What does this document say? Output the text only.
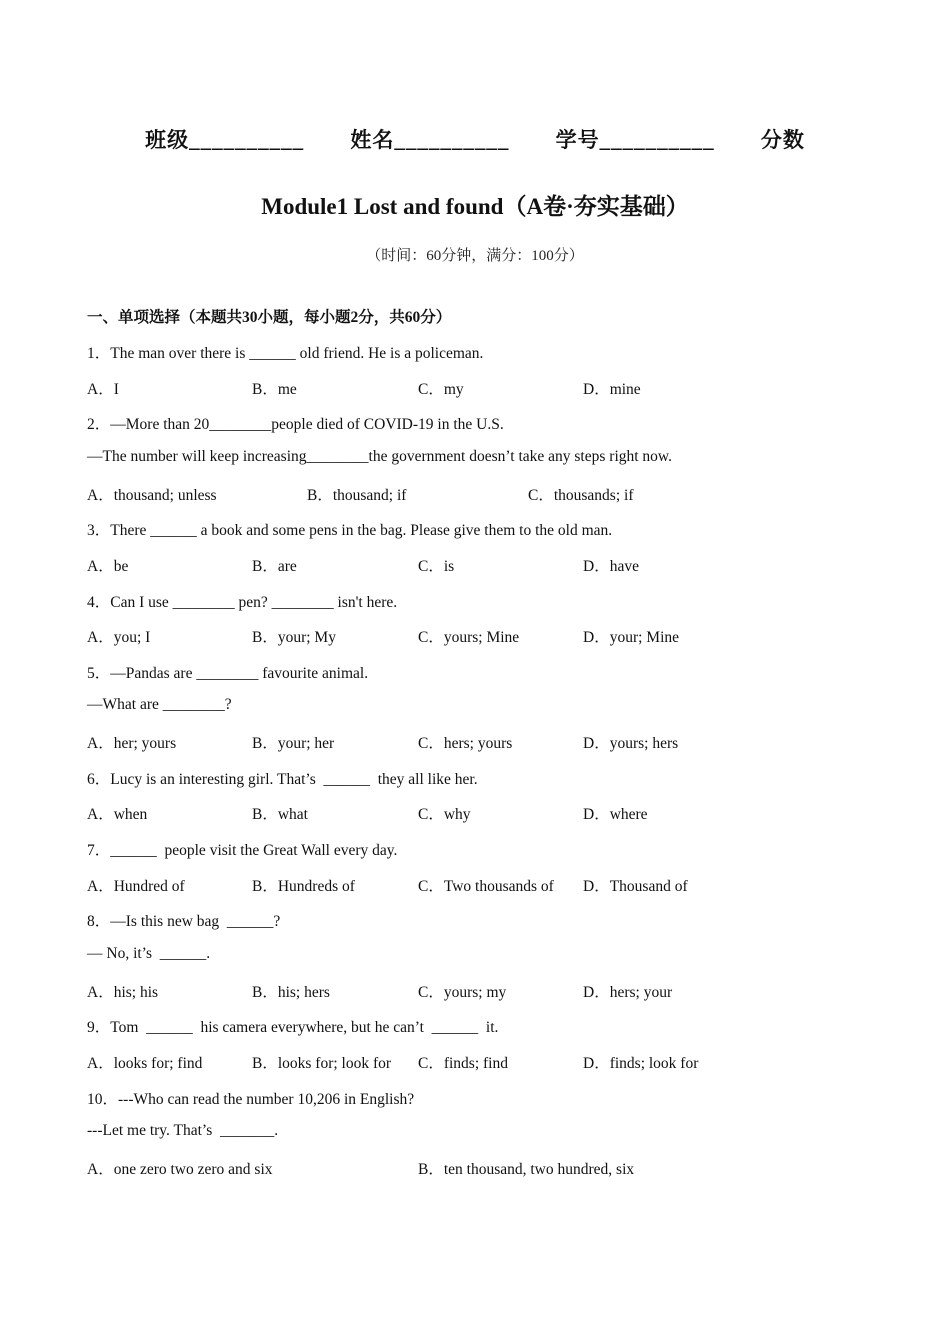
班级__________ 姓名__________ 学号__________ 分数
Module1 Lost and found（A卷·夯实基础）
（时间：60分钟，满分：100分）
一、单项选择（本题共30小题，每小题2分，共60分）
1．The man over there is ______ old friend. He is a policeman.
A．I	B．me	C．my	D．mine
2．—More than 20________people died of COVID-19 in the U.S.
—The number will keep increasing________the government doesn’t take any steps right now.
A．thousand; unless	B．thousand; if	C．thousands; if
3．There ______ a book and some pens in the bag. Please give them to the old man.
A．be	B．are	C．is	D．have
4．Can I use ________ pen? ________ isn't here.
A．you; I	B．your; My	C．yours; Mine	D．your; Mine
5．—Pandas are ________ favourite animal.
—What are ________?
A．her; yours	B．your; her	C．hers; yours	D．yours; hers
6．Lucy is an interesting girl. That’s  ______  they all like her.
A．when	B．what	C．why	D．where
7．______  people visit the Great Wall every day.
A．Hundred of	B．Hundreds of	C．Two thousands of D．Thousand of
8．—Is this new bag  ______?
— No, it’s  ______.
A．his; his	B．his; hers	C．yours; my	D．hers; your
9．Tom  ______  his camera everywhere, but he can’t  ______  it.
A．looks for; find	B．looks for; look for C．finds; find	D．finds; look for
10．---Who can read the number 10,206 in English?
---Let me try. That’s  _______.
A．one zero two zero and six	B．ten thousand, two hundred, six
